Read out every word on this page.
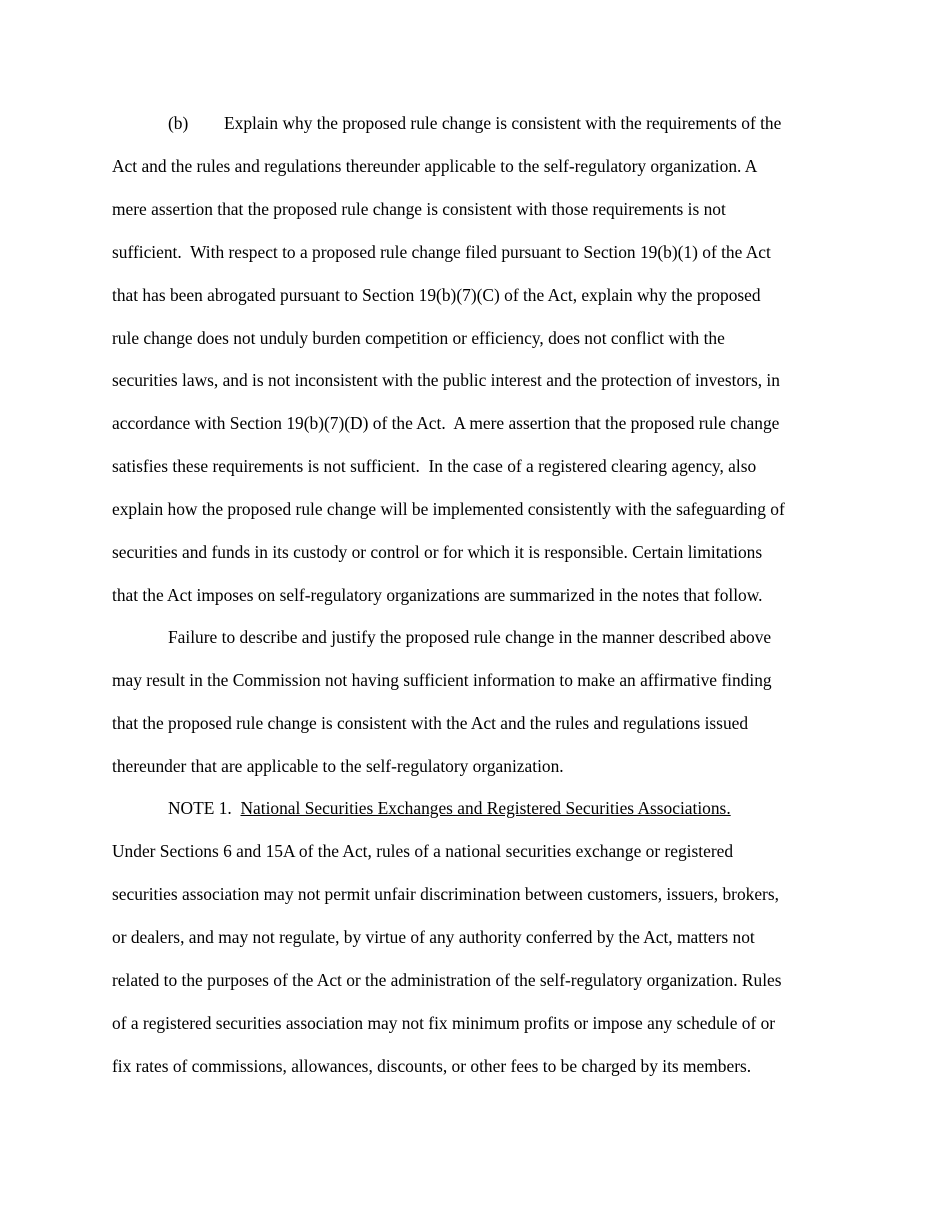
(b) Explain why the proposed rule change is consistent with the requirements of the
Act and the rules and regulations thereunder applicable to the self-regulatory organization. A
mere assertion that the proposed rule change is consistent with those requirements is not
sufficient.  With respect to a proposed rule change filed pursuant to Section 19(b)(1) of the Act
that has been abrogated pursuant to Section 19(b)(7)(C) of the Act, explain why the proposed
rule change does not unduly burden competition or efficiency, does not conflict with the
securities laws, and is not inconsistent with the public interest and the protection of investors, in
accordance with Section 19(b)(7)(D) of the Act.  A mere assertion that the proposed rule change
satisfies these requirements is not sufficient.  In the case of a registered clearing agency, also
explain how the proposed rule change will be implemented consistently with the safeguarding of
securities and funds in its custody or control or for which it is responsible. Certain limitations
that the Act imposes on self-regulatory organizations are summarized in the notes that follow.
Failure to describe and justify the proposed rule change in the manner described above
may result in the Commission not having sufficient information to make an affirmative finding
that the proposed rule change is consistent with the Act and the rules and regulations issued
thereunder that are applicable to the self-regulatory organization.
NOTE 1. National Securities Exchanges and Registered Securities Associations.
Under Sections 6 and 15A of the Act, rules of a national securities exchange or registered
securities association may not permit unfair discrimination between customers, issuers, brokers,
or dealers, and may not regulate, by virtue of any authority conferred by the Act, matters not
related to the purposes of the Act or the administration of the self-regulatory organization. Rules
of a registered securities association may not fix minimum profits or impose any schedule of or
fix rates of commissions, allowances, discounts, or other fees to be charged by its members.
